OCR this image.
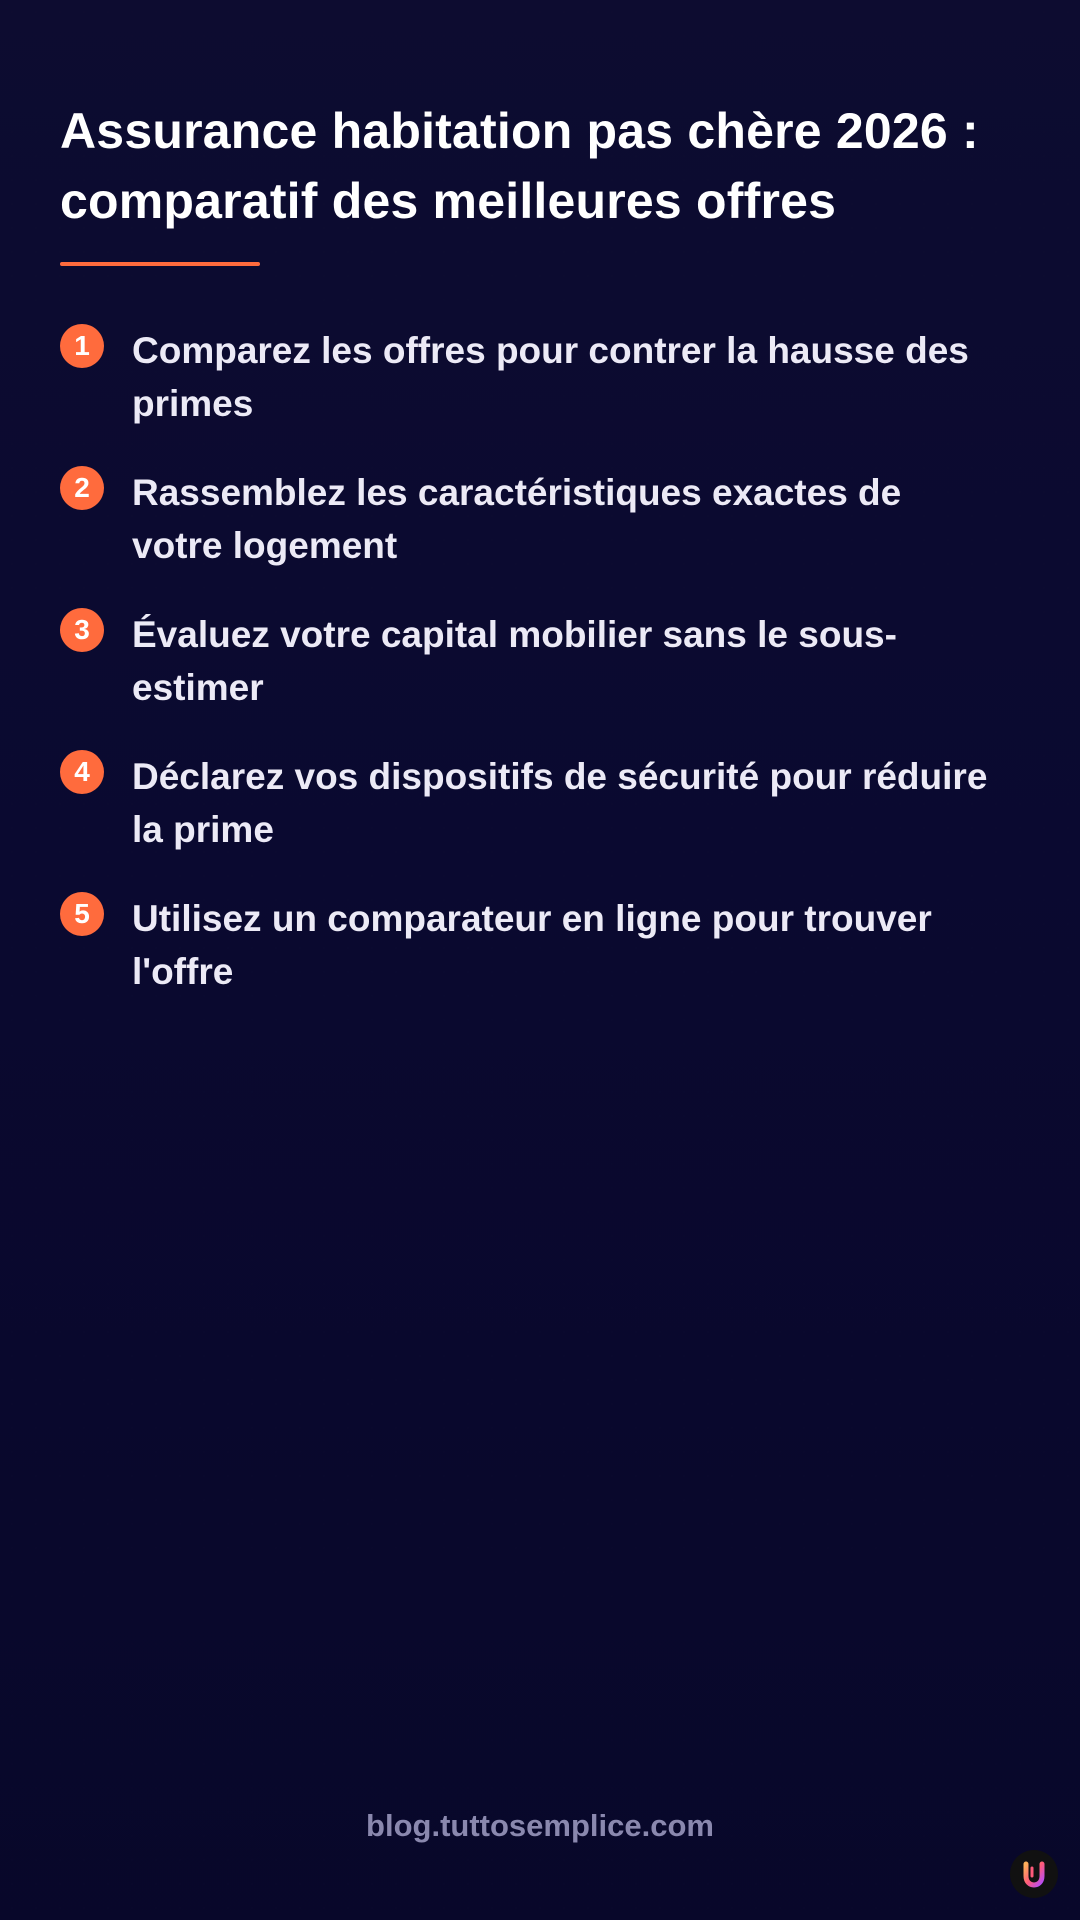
Assurance habitation pas chère 2026 : comparatif des meilleures offres
1	Comparez les offres pour contrer la hausse des primes
2	Rassemblez les caractéristiques exactes de votre logement
3	Évaluez votre capital mobilier sans le sous-estimer
4	Déclarez vos dispositifs de sécurité pour réduire la prime
5	Utilisez un comparateur en ligne pour trouver l'offre
blog.tuttosemplice.com
